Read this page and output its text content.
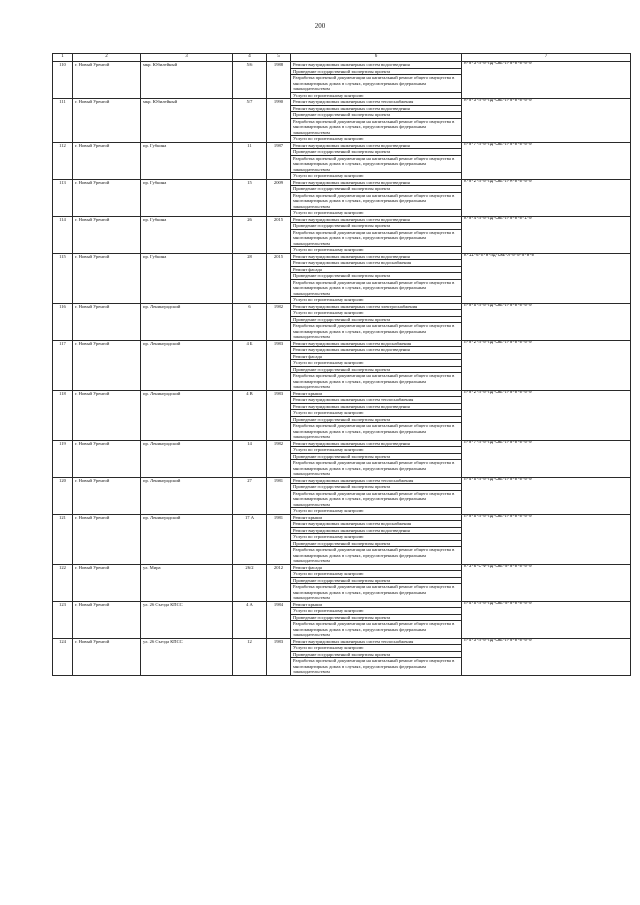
200
1	2	3	4	5	6	7
110	г. Новый Уренгой	мкр. Юбилейный	5/6	1988	Ремонт внутридомовых инженерных систем водоотведения	Н-9-3-П-0-ПД-СЖЕ-Л-0-0-0-0-0
					Проведение государственной экспертизы проекта	
					Разработка проектной документации на капитальный ремонт общего имущества в многоквартирных домах в случаях, предусмотренных федеральным законодательством	
					Услуги по строительному контролю	
111	г. Новый Уренгой	мкр. Юбилейный	5/7	1990	Ремонт внутридомовых инженерных систем теплоснабжения	Н-9-3-П-0-ПД-СЖЕ-Л-0-0-0-0-0
					Ремонт внутридомовых инженерных систем водоотведения	
					Проведение государственной экспертизы проекта	
					Разработка проектной документации на капитальный ремонт общего имущества в многоквартирных домах в случаях, предусмотренных федеральным законодательством	
					Услуги по строительному контролю	
112	г. Новый Уренгой	пр. Губкина	11	1987	Ремонт внутридомовых инженерных систем водоотведения	П-9-7-П-0-ПД-СЖЕ-Л-0-0-0-0-0
					Проведение государственной экспертизы проекта	
					Разработка проектной документации на капитальный ремонт общего имущества в многоквартирных домах в случаях, предусмотренных федеральным законодательством	
					Услуги по строительному контролю	
113	г. Новый Уренгой	пр. Губкина	15	2009	Ремонт внутридомовых инженерных систем водоотведения	К-9-2-П-0-ПД-СЖЕ-Л-М-0-0-0-0
					Проведение государственной экспертизы проекта	
					Разработка проектной документации на капитальный ремонт общего имущества в многоквартирных домах в случаях, предусмотренных федеральным законодательством	
					Услуги по строительному контролю	
114	г. Новый Уренгой	пр. Губкина	26	2015	Ремонт внутридомовых инженерных систем водоотведения	К-9-4-П-0-ПД-СЖЕ-Л-0-0-0-1-0
					Проведение государственной экспертизы проекта	
					Разработка проектной документации на капитальный ремонт общего имущества в многоквартирных домах в случаях, предусмотренных федеральным законодательством	
					Услуги по строительному контролю	
115	г. Новый Уренгой	пр. Губкина	28	2015	Ремонт внутридомовых инженерных систем водоотведения	К-11-6-П-0-ПД-СЖЕ-Л-0-0-0-0-0
					Ремонт внутридомовых инженерных систем водоснабжения	
					Ремонт фасада	
					Проведение государственной экспертизы проекта	
					Разработка проектной документации на капитальный ремонт общего имущества в многоквартирных домах в случаях, предусмотренных федеральным законодательством	
					Услуги по строительному контролю	
116	г. Новый Уренгой	пр. Ленинградский	6	1982	Ремонт внутридомовых инженерных систем электроснабжения	П-9-5-П-0-ПД-СЖЕ-Л-0-0-0-0-0
					Услуги по строительному контролю	
					Проведение государственной экспертизы проекта	
					Разработка проектной документации на капитальный ремонт общего имущества в многоквартирных домах в случаях, предусмотренных федеральным законодательством	
117	г. Новый Уренгой	пр. Ленинградский	4 Б	1983	Ремонт внутридомовых инженерных систем водоснабжения	П-9-2-П-0-ПД-СЖЕ-Л-0-0-0-0-0
					Ремонт внутридомовых инженерных систем водоотведения	
					Ремонт фасада	
					Услуги по строительному контролю	
					Проведение государственной экспертизы проекта	
					Разработка проектной документации на капитальный ремонт общего имущества в многоквартирных домах в случаях, предусмотренных федеральным законодательством	
118	г. Новый Уренгой	пр. Ленинградский	4 В	1983	Ремонт крыши	П-9-2-П-0-ПД-СЖЕ-Л-0-0-0-0-0
					Ремонт внутридомовых инженерных систем теплоснабжения	
					Ремонт внутридомовых инженерных систем водоотведения	
					Услуги по строительному контролю	
					Проведение государственной экспертизы проекта	
					Разработка проектной документации на капитальный ремонт общего имущества в многоквартирных домах в случаях, предусмотренных федеральным законодательством	
119	г. Новый Уренгой	пр. Ленинградский	14	1982	Ремонт внутридомовых инженерных систем водоотведения	П-9-7-П-0-ПД-СЖЕ-Л-0-0-0-0-0
					Услуги по строительному контролю	
					Проведение государственной экспертизы проекта	
					Разработка проектной документации на капитальный ремонт общего имущества в многоквартирных домах в случаях, предусмотренных федеральным законодательством	
120	г. Новый Уренгой	пр. Ленинградский	27	1981	Ремонт внутридомовых инженерных систем теплоснабжения	П-5-5-П-0-ПД-СЖЕ-Л-0-0-0-0-0
					Проведение государственной экспертизы проекта	
					Разработка проектной документации на капитальный ремонт общего имущества в многоквартирных домах в случаях, предусмотренных федеральным законодательством	
					Услуги по строительному контролю	
121	г. Новый Уренгой	пр. Ленинградский	17 А	1981	Ремонт крыши	П-9-5-П-0-ПД-СЖЕ-Л-0-0-0-0-0
					Ремонт внутридомовых инженерных систем водоснабжения	
					Ремонт внутридомовых инженерных систем водоотведения	
					Услуги по строительному контролю	
					Проведение государственной экспертизы проекта	
					Разработка проектной документации на капитальный ремонт общего имущества в многоквартирных домах в случаях, предусмотренных федеральным законодательством	
122	г. Новый Уренгой	ул. Мира	26/2	2012	Ремонт фасада	К-3-6-С-Ф-ПД-СЖЕ-0-0-0-0-0-0
					Услуги по строительному контролю	
					Проведение государственной экспертизы проекта	
					Разработка проектной документации на капитальный ремонт общего имущества в многоквартирных домах в случаях, предусмотренных федеральным законодательством	
123	г. Новый Уренгой	ул. 26 Съезда КПСС	4 А	1984	Ремонт крыши	П-5-5-П-0-ПД-СЖЕ-0-0-0-0-0-0
					Услуги по строительному контролю	
					Проведение государственной экспертизы проекта	
					Разработка проектной документации на капитальный ремонт общего имущества в многоквартирных домах в случаях, предусмотренных федеральным законодательством	
124	г. Новый Уренгой	ул. 26 Съезда КПСС	12	1983	Ремонт внутридомовых инженерных систем теплоснабжения	П-5-3-П-0-ПД-СЖЕ-Л-0-0-0-0-0
					Услуги по строительному контролю	
					Проведение государственной экспертизы проекта	
					Разработка проектной документации на капитальный ремонт общего имущества в многоквартирных домах в случаях, предусмотренных федеральным законодательством	
